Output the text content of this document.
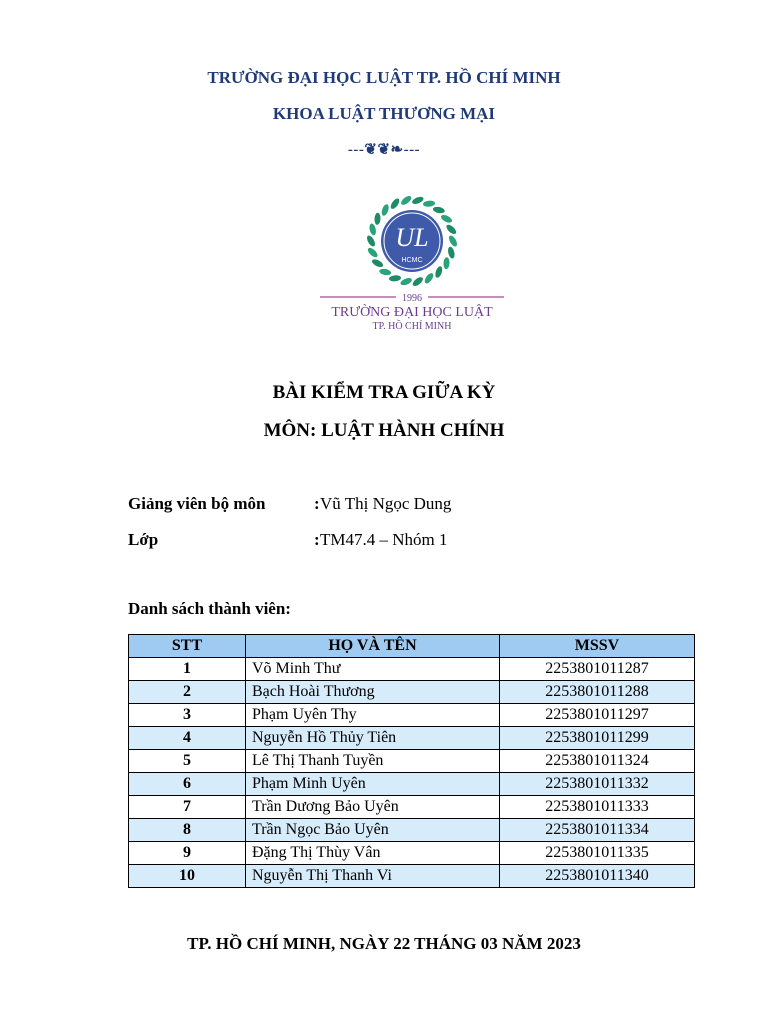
TRƯỜNG ĐẠI HỌC LUẬT TP. HỒ CHÍ MINH
KHOA LUẬT THƯƠNG MẠI
---❦❦❧---
UL
HCMC
1996
TRƯỜNG ĐẠI HỌC LUẬT
TP. HỒ CHÍ MINH
BÀI KIỂM TRA GIỮA KỲ
MÔN: LUẬT HÀNH CHÍNH
Giảng viên bộ môn	: Vũ Thị Ngọc Dung
Lớp	: TM47.4 – Nhóm 1
Danh sách thành viên:
STT	HỌ VÀ TÊN	MSSV
1	Võ Minh Thư	2253801011287
2	Bạch Hoài Thương	2253801011288
3	Phạm Uyên Thy	2253801011297
4	Nguyễn Hồ Thủy Tiên	2253801011299
5	Lê Thị Thanh Tuyền	2253801011324
6	Phạm Minh Uyên	2253801011332
7	Trần Dương Bảo Uyên	2253801011333
8	Trần Ngọc Bảo Uyên	2253801011334
9	Đặng Thị Thùy Vân	2253801011335
10	Nguyễn Thị Thanh Vi	2253801011340
TP. HỒ CHÍ MINH, NGÀY 22 THÁNG 03 NĂM 2023
